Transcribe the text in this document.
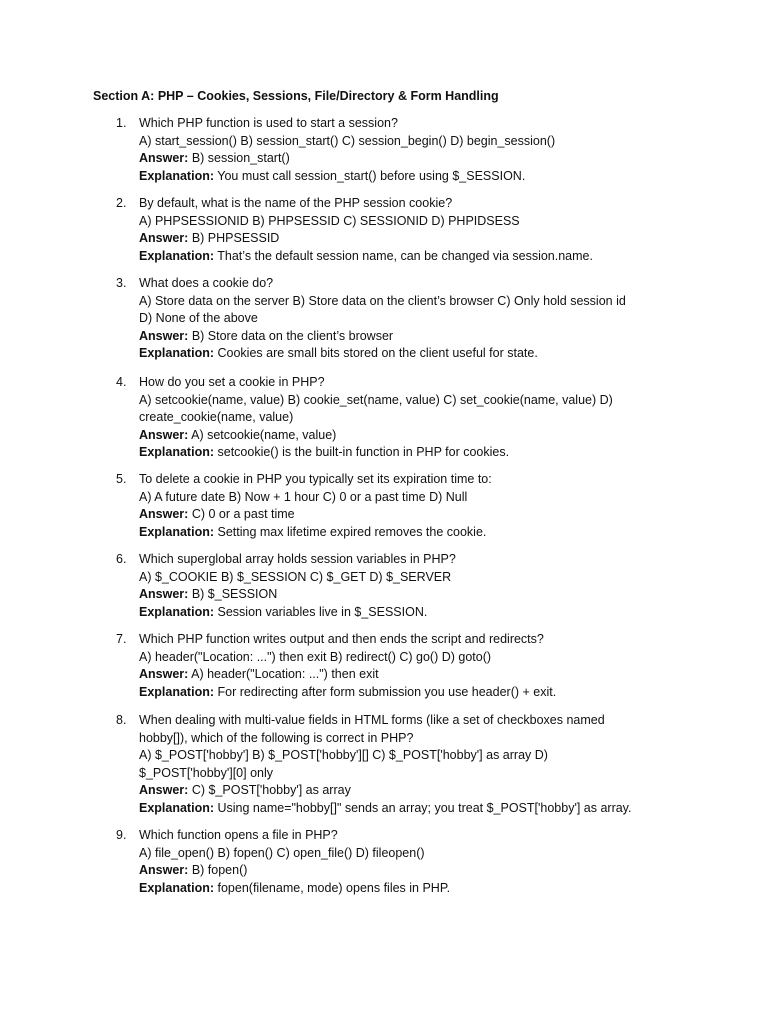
Section A: PHP – Cookies, Sessions, File/Directory & Form Handling
1. Which PHP function is used to start a session?
A) start_session() B) session_start() C) session_begin() D) begin_session()
Answer: B) session_start()
Explanation: You must call session_start() before using $_SESSION.
2. By default, what is the name of the PHP session cookie?
A) PHPSESSIONID B) PHPSESSID C) SESSIONID D) PHPIDSESS
Answer: B) PHPSESSID
Explanation: That’s the default session name, can be changed via session.name.
3. What does a cookie do?
A) Store data on the server B) Store data on the client’s browser C) Only hold session id
D) None of the above
Answer: B) Store data on the client’s browser
Explanation: Cookies are small bits stored on the client useful for state.
4. How do you set a cookie in PHP?
A) setcookie(name, value) B) cookie_set(name, value) C) set_cookie(name, value) D)
create_cookie(name, value)
Answer: A) setcookie(name, value)
Explanation: setcookie() is the built-in function in PHP for cookies.
5. To delete a cookie in PHP you typically set its expiration time to:
A) A future date B) Now + 1 hour C) 0 or a past time D) Null
Answer: C) 0 or a past time
Explanation: Setting max lifetime expired removes the cookie.
6. Which superglobal array holds session variables in PHP?
A) $_COOKIE B) $_SESSION C) $_GET D) $_SERVER
Answer: B) $_SESSION
Explanation: Session variables live in $_SESSION.
7. Which PHP function writes output and then ends the script and redirects?
A) header("Location: ...") then exit B) redirect() C) go() D) goto()
Answer: A) header("Location: ...") then exit
Explanation: For redirecting after form submission you use header() + exit.
8. When dealing with multi-value fields in HTML forms (like a set of checkboxes named
hobby[]), which of the following is correct in PHP?
A) $_POST['hobby'] B) $_POST['hobby'][] C) $_POST['hobby'] as array D)
$_POST['hobby'][0] only
Answer: C) $_POST['hobby'] as array
Explanation: Using name="hobby[]" sends an array; you treat $_POST['hobby'] as array.
9. Which function opens a file in PHP?
A) file_open() B) fopen() C) open_file() D) fileopen()
Answer: B) fopen()
Explanation: fopen(filename, mode) opens files in PHP.
